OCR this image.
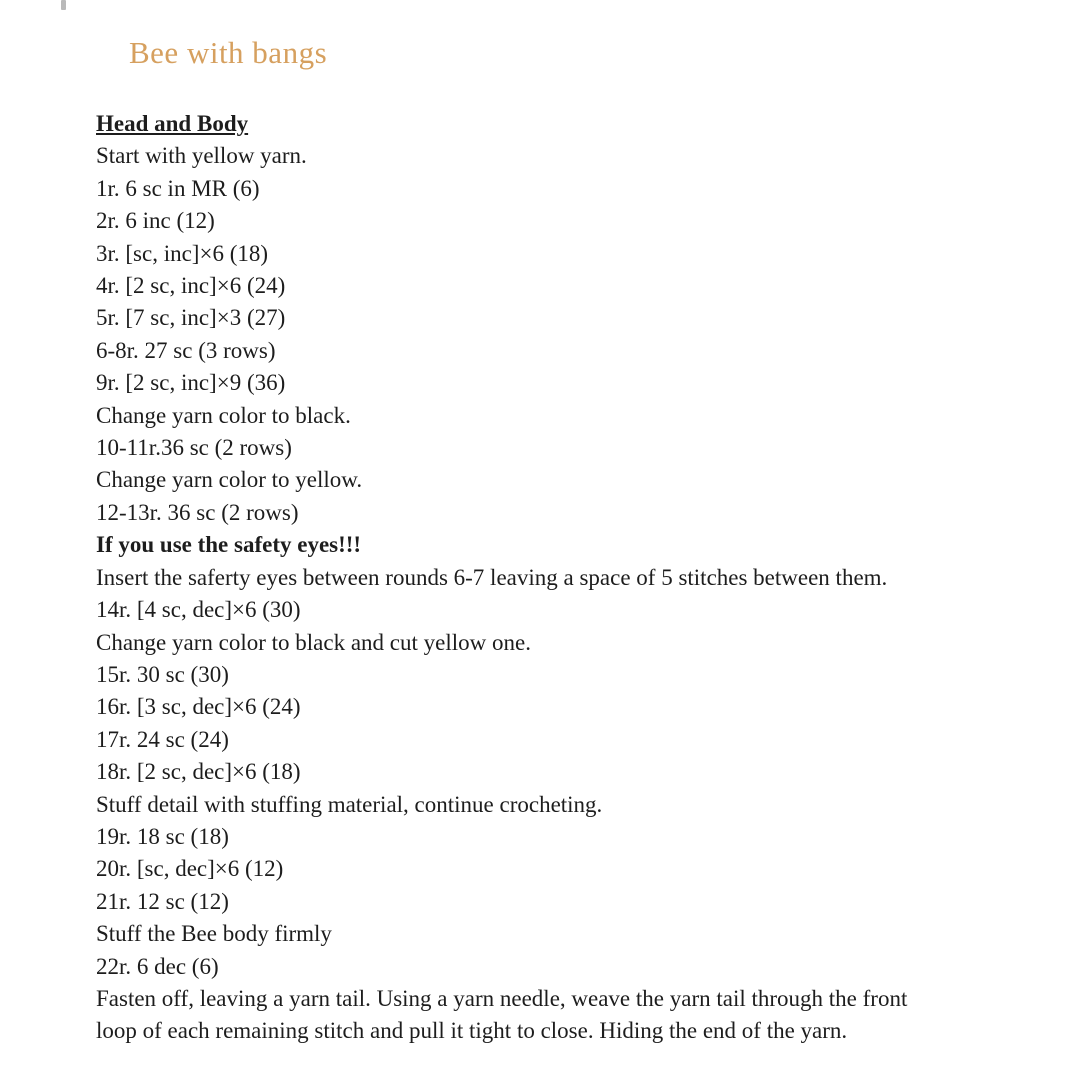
Bee with bangs
Head and Body
Start with yellow yarn.
1r. 6 sc in MR (6)
2r. 6 inc (12)
3r. [sc, inc]×6 (18)
4r. [2 sc, inc]×6 (24)
5r. [7 sc, inc]×3 (27)
6-8r. 27 sc (3 rows)
9r. [2 sc, inc]×9 (36)
Change yarn color to black.
10-11r.36 sc (2 rows)
Change yarn color to yellow.
12-13r. 36 sc (2 rows)
If you use the safety eyes!!!
Insert the saferty eyes between rounds 6-7 leaving a space of 5 stitches between them.
14r. [4 sc, dec]×6 (30)
Change yarn color to black and cut yellow one.
15r. 30 sc (30)
16r. [3 sc, dec]×6 (24)
17r. 24 sc (24)
18r. [2 sc, dec]×6 (18)
Stuff detail with stuffing material, continue crocheting.
19r. 18 sc (18)
20r. [sc, dec]×6 (12)
21r. 12 sc (12)
Stuff the Bee body firmly
22r. 6 dec (6)
Fasten off, leaving a yarn tail. Using a yarn needle, weave the yarn tail through the front
loop of each remaining stitch and pull it tight to close. Hiding the end of the yarn.
